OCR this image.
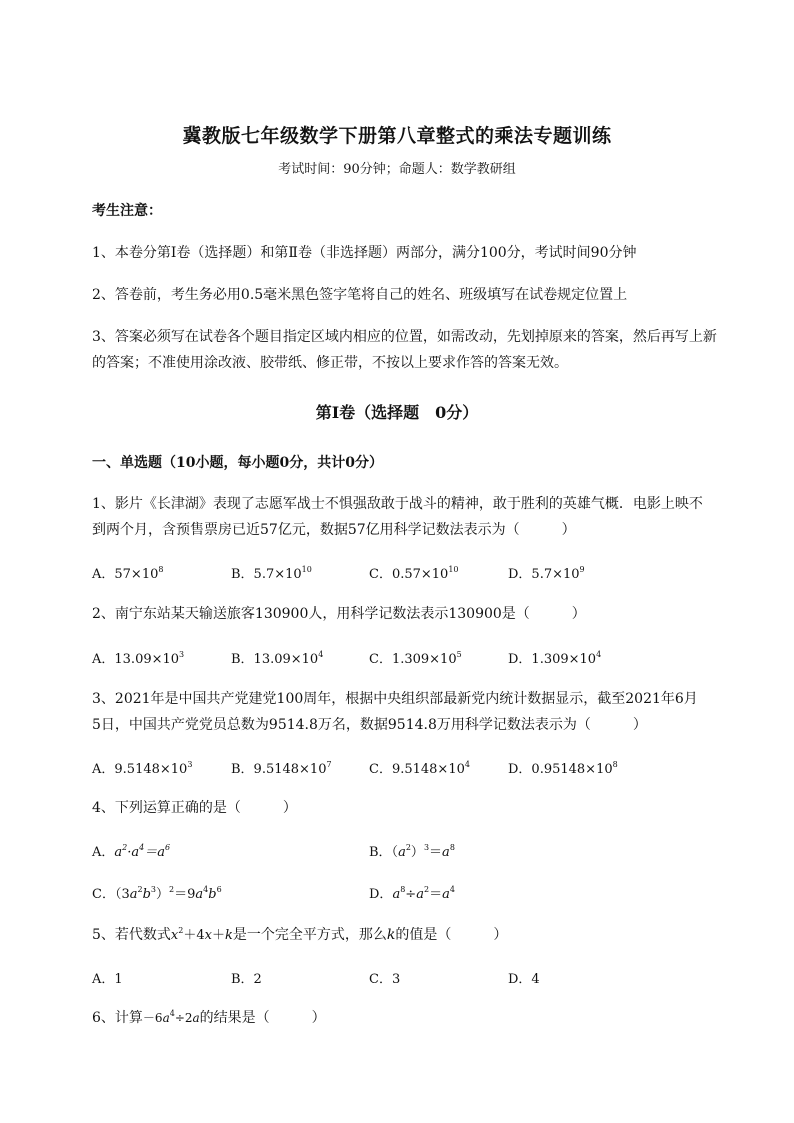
冀教版七年级数学下册第八章整式的乘法专题训练
考试时间：90分钟；命题人：数学教研组
考生注意：
1、本卷分第Ⅰ卷（选择题）和第Ⅱ卷（非选择题）两部分，满分100分，考试时间90分钟
2、答卷前，考生务必用0.5毫米黑色签字笔将自己的姓名、班级填写在试卷规定位置上
3、答案必须写在试卷各个题目指定区域内相应的位置，如需改动，先划掉原来的答案，然后再写上新
的答案；不准使用涂改液、胶带纸、修正带，不按以上要求作答的答案无效。
第Ⅰ卷（选择题　0分）
一、单选题（10小题，每小题0分，共计0分）
1、影片《长津湖》表现了志愿军战士不惧强敌敢于战斗的精神，敢于胜利的英雄气概．电影上映不
到两个月，含预售票房已近57亿元，数据57亿用科学记数法表示为（　　　）
A．$57\times 10^8$	B．$5.7\times 10^{10}$	C．$0.57\times 10^{10}$	D．$5.7\times 10^9$
2、南宁东站某天输送旅客130900人，用科学记数法表示130900是（　　　）
A．$13.09\times 10^3$	B．$13.09\times 10^4$	C．$1.309\times 10^5$	D．$1.309\times 10^4$
3、2021年是中国共产党建党100周年，根据中央组织部最新党内统计数据显示，截至2021年6月
5日，中国共产党党员总数为9514.8万名，数据9514.8万用科学记数法表示为（　　　）
A．$9.5148\times 10^3$	B．$9.5148\times 10^7$	C．$9.5148\times 10^4$	D．$0.95148\times 10^8$
4、下列运算正确的是（　　　）
A．$a^2\cdot a^4=a^6$	B．$(a^2)^3=a^8$
C．$(3a^2b^3)^2=9a^4b^6$	D．$a^8\div a^2=a^4$
5、若代数式$x^2+4x+k$是一个完全平方式，那么k的值是（　　　）
A．1	B．2	C．3	D．4
6、计算$-6a^4\div 2a$的结果是（　　　）
